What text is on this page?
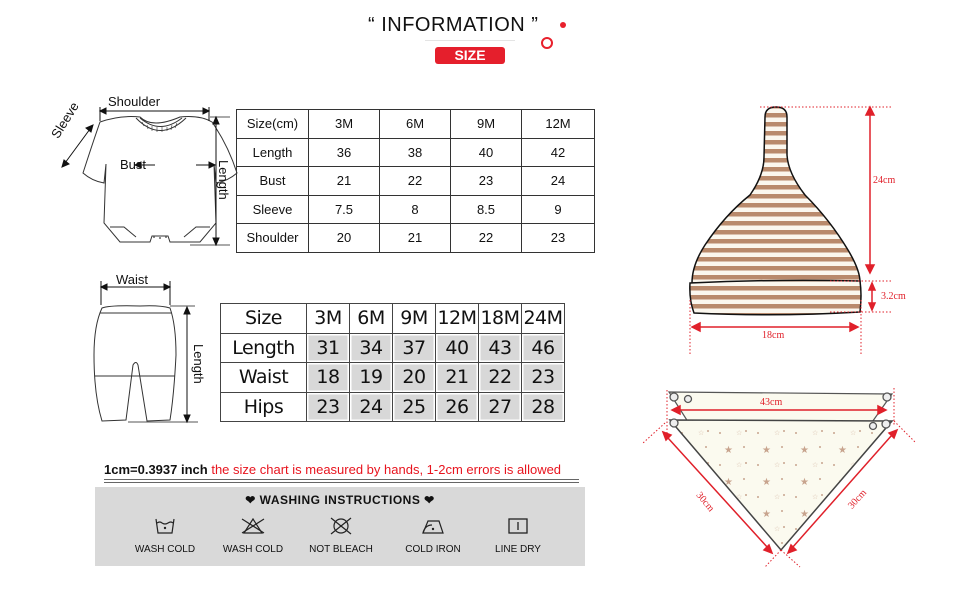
“ INFORMATION ”
SIZE
Shoulder
Bust
Sleeve
Length
Size(cm)	3M	6M	9M	12M
Length	36	38	40	42
Bust	21	22	23	24
Sleeve	7.5	8	8.5	9
Shoulder	20	21	22	23
Waist
Length
Size	3M	6M	9M	12M	18M	24M
Length	31	34	37	40	43	46
Waist	18	19	20	21	22	23
Hips	23	24	25	26	27	28
1cm=0.3937 inch the size chart is measured by hands, 1-2cm errors is allowed
❤ WASHING INSTRUCTIONS ❤
WASH COLD	WASH COLD	NOT BLEACH	COLD IRON	LINE DRY
24cm
3.2cm
18cm
43cm
30cm	30cm
